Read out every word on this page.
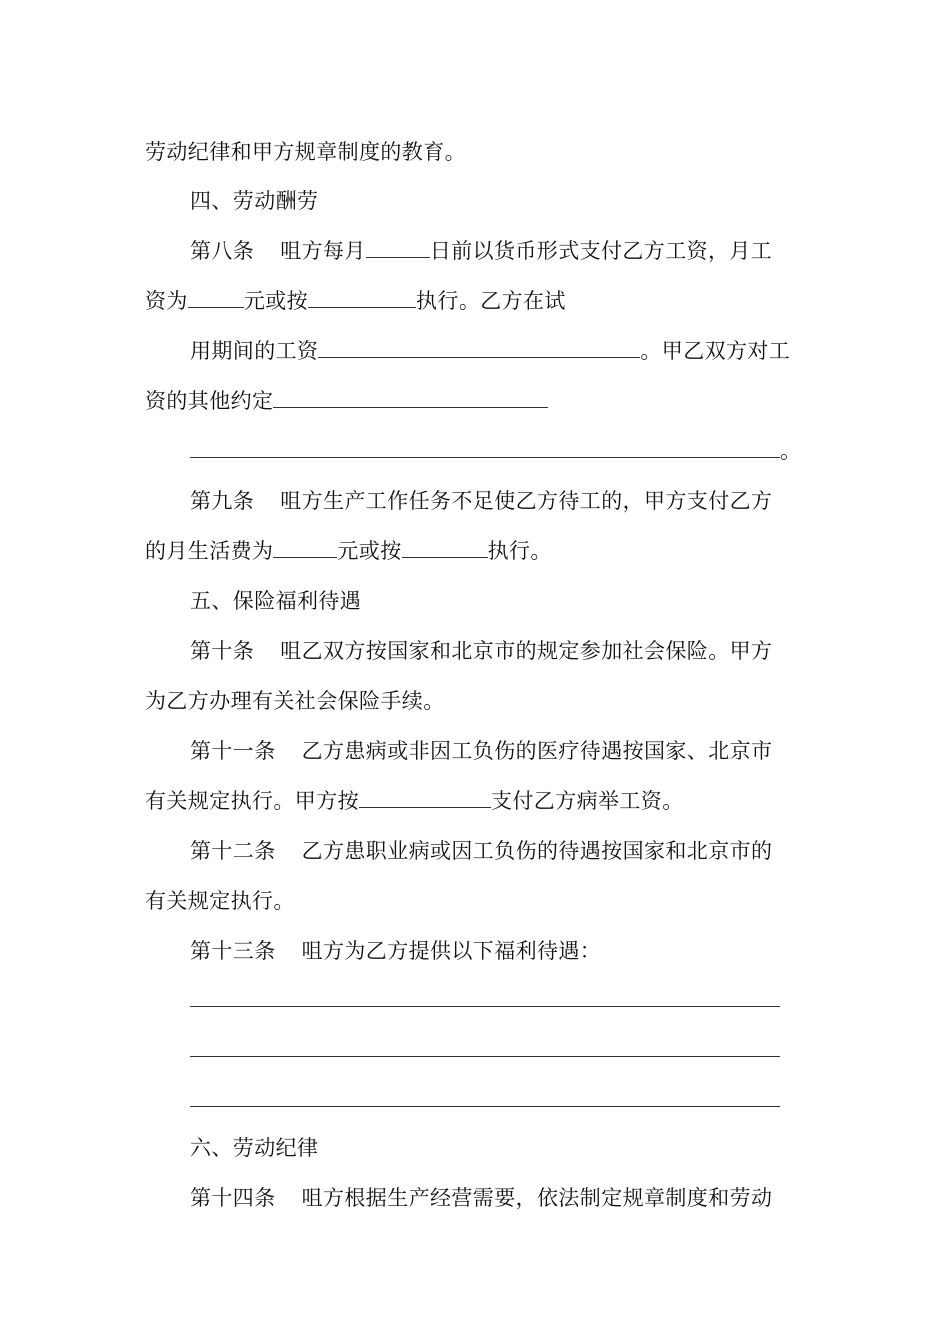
劳动纪律和甲方规章制度的教育。
四、劳动酬劳
第八条 咀方每月	日前以货币形式支付乙方工资，月工
资为	元或按	执行。乙方在试
用期间的工资	。甲乙双方对工
资的其他约定
。
第九条 咀方生产工作任务不足使乙方待工的，甲方支付乙方
的月生活费为	元或按	执行。
五、保险福利待遇
第十条 咀乙双方按国家和北京市的规定参加社会保险。甲方
为乙方办理有关社会保险手续。
第十一条 乙方患病或非因工负伤的医疗待遇按国家、北京市
有关规定执行。甲方按	支付乙方病举工资。
第十二条 乙方患职业病或因工负伤的待遇按国家和北京市的
有关规定执行。
第十三条 咀方为乙方提供以下福利待遇：
六、劳动纪律
第十四条 咀方根据生产经营需要，依法制定规章制度和劳动
